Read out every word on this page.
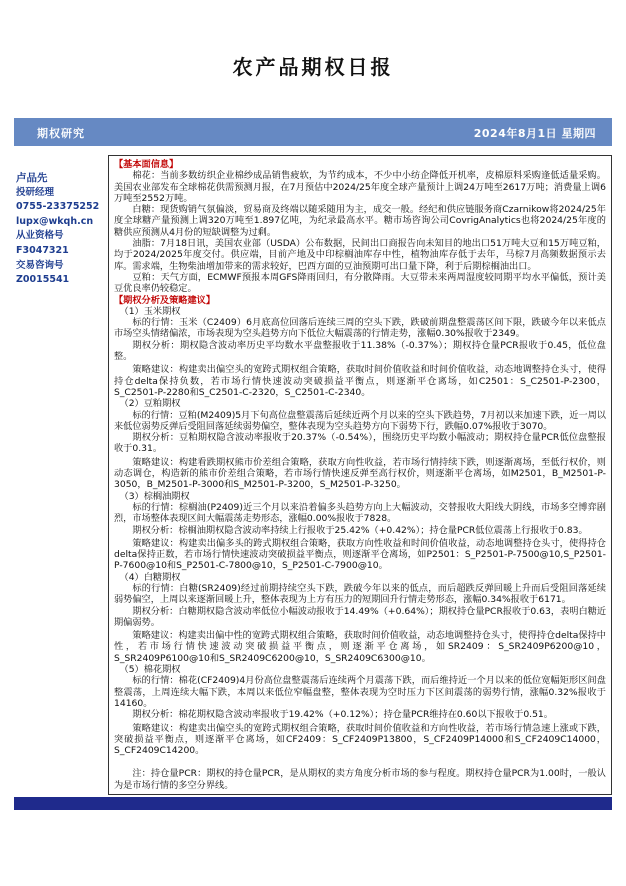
农产品期权日报
期权研究	2024年8月1日 星期四
卢品先
投研经理
0755-23375252
lupx@wkqh.cn
从业资格号
F3047321
交易咨询号
Z0015541
【基本面信息】

棉花：当前多数纺织企业棉纱成品销售疲软，为节约成本，不少中小纺企降低开机率，皮棉原料采购逢低适量采购。美国农业部发布全球棉花供需预测月报，在7月预估中2024/25年度全球产量预计上调24万吨至2617万吨；消费量上调6万吨至2552万吨。

白糖：现货购销气氛偏淡，贸易商及终端以随采随用为主，成交一般。经纪和供应链服务商Czarnikow将2024/25年度全球糖产量预测上调320万吨至1.897亿吨，为纪录最高水平。糖市场咨询公司CovrigAnalytics也将2024/25年度的糖供应预测从4月份的短缺调整为过剩。

油脂：7月18日讯，美国农业部（USDA）公布数据，民间出口商报告向未知目的地出口51万吨大豆和15万吨豆粕，均于2024/2025年度交付。供应端，目前产地及中印棕榈油库存中性，植物油库存低于去年，马棕7月高频数据预示去库。需求端，生物柴油增加带来的需求较好，巴西方面的豆油预期可出口量下降，利于后期棕榈油出口。

豆粕：天气方面，ECMWF预报本周GFS降雨回归，有分散降雨。大豆带未来两周湿度较同期平均水平偏低，预计美豆优良率仍较稳定。

【期权分析及策略建议】

（1）玉米期权

标的行情：玉米（C2409）6月底高位回落后连续三周的空头下跌，跌破前期盘整震荡区间下限，跌破今年以来低点市场空头情绪偏浓，市场表现为空头趋势方向下低位大幅震荡的行情走势，涨幅0.30%报收于2349。

期权分析：期权隐含波动率历史平均数水平盘整报收于11.38%（-0.37%）；期权持仓量PCR报收于0.45，低位盘整。

策略建议：构建卖出偏空头的宽跨式期权组合策略，获取时间价值收益和时间价值收益，动态地调整持仓头寸，使得持仓delta保持负数，若市场行情快速波动突破损益平衡点，则逐渐平仓离场，如C2501：S_C2501-P-2300，S_C2501-P-2280和S_C2501-C-2320，S_C2501-C-2340。

（2）豆粕期权

标的行情：豆粕(M2409)5月下旬高位盘整震荡后延续近两个月以来的空头下跌趋势，7月初以来加速下跌，近一周以来低位弱势反弹后受阻回落延续弱势偏空，整体表现为空头趋势方向下弱势下行，跌幅0.07%报收于3070。

期权分析：豆粕期权隐含波动率报收于20.37%（-0.54%），围绕历史平均数小幅波动；期权持仓量PCR低位盘整报收于0.31。

策略建议：构建看跌期权熊市价差组合策略，获取方向性收益，若市场行情持续下跌，则逐渐离场，至低行权价，则动态调仓，构造新的熊市价差组合策略，若市场行情快速反弹至高行权价，则逐渐平仓离场，如M2501，B_M2501-P-3050，B_M2501-P-3000和S_M2501-P-3200，S_M2501-P-3250。

（3）棕榈油期权

标的行情：棕榈油(P2409)近三个月以来沿着偏多头趋势方向上大幅波动，交替报收大阳线大阴线，市场多空博弈剧烈，市场整体表现区间大幅震荡走势形态，涨幅0.00%报收于7828。

期权分析：棕榈油期权隐含波动率持续上行报收于25.42%（+0.42%）；持仓量PCR低位震荡上行报收于0.83。

策略建议：构建卖出偏多头的跨式期权组合策略，获取方向性收益和时间价值收益，动态地调整持仓头寸，使得持仓delta保持正数，若市场行情快速波动突破损益平衡点，则逐渐平仓离场，如P2501：S_P2501-P-7500@10,S_P2501-P-7600@10和S_P2501-C-7800@10，S_P2501-C-7900@10。

（4）白糖期权

标的行情：白糖(SR2409)经过前期持续空头下跌，跌破今年以来的低点，而后超跌反弹回暖上升而后受阻回落延续弱势偏空，上周以来逐渐回暖上升，整体表现为上方有压力的短期回升行情走势形态，涨幅0.34%报收于6171。

期权分析：白糖期权隐含波动率低位小幅波动报收于14.49%（+0.64%）；期权持仓量PCR报收于0.63，表明白糖近期偏弱势。

策略建议：构建卖出偏中性的宽跨式期权组合策略，获取时间价值收益，动态地调整持仓头寸，使得持仓delta保持中性，若市场行情快速波动突破损益平衡点，则逐渐平仓离场，如SR2409：S_SR2409P6200@10，S_SR2409P6100@10和S_SR2409C6200@10，S_SR2409C6300@10。

（5）棉花期权

标的行情：棉花(CF2409)4月份高位盘整震荡后连续两个月震荡下跌，而后维持近一个月以来的低位宽幅矩形区间盘整震荡，上周连续大幅下跌，本周以来低位窄幅盘整，整体表现为空时压力下区间震荡的弱势行情，涨幅0.32%报收于14160。

期权分析：棉花期权隐含波动率报收于19.42%（+0.12%）；持仓量PCR维持在0.60以下报收于0.51。

策略建议：构建卖出偏空头的宽跨式期权组合策略，获取时间价值收益和方向性收益，若市场行情急速上涨或下跌，突破损益平衡点，则逐渐平仓离场，如CF2409：S_CF2409P13800，S_CF2409P14000和S_CF2409C14000，S_CF2409C14200。

注：持仓量PCR：期权的持仓量PCR，是从期权的卖方角度分析市场的参与程度。期权持仓量PCR为1.00时，一般认为是市场行情的多空分界线。
